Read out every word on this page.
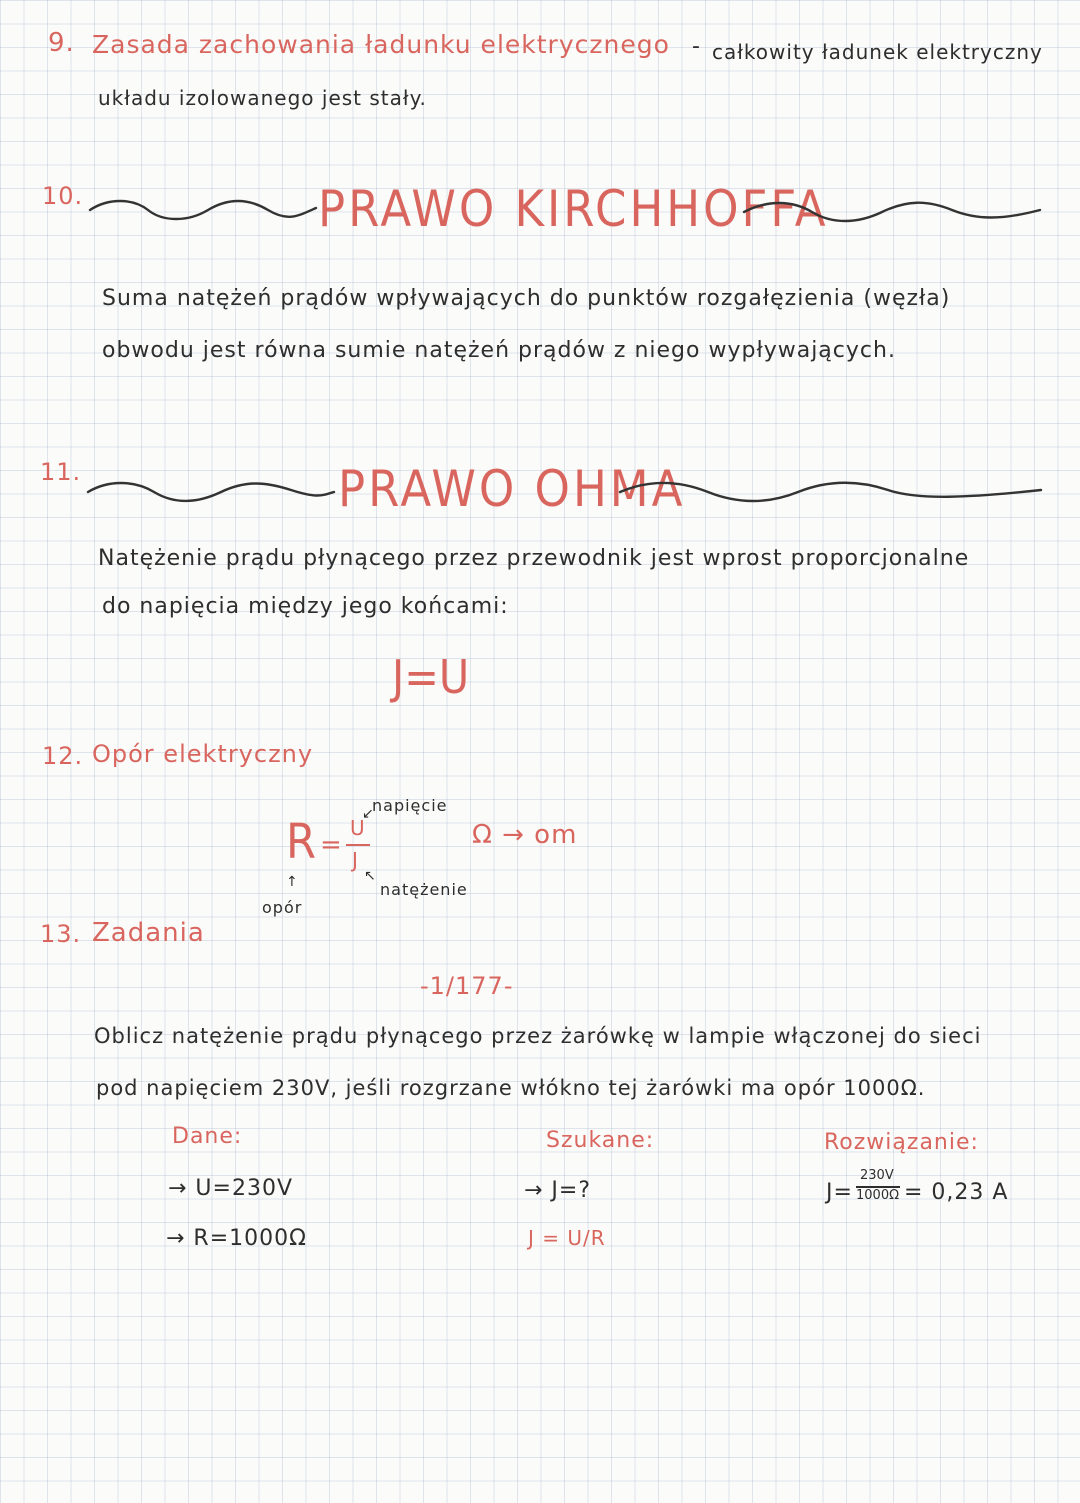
9. Zasada zachowania ładunku elektrycznego - całkowity ładunek elektryczny
układu izolowanego jest stały.
10.	PRAWO KIRCHHOFFA
Suma natężeń prądów wpływających do punktów rozgałęzienia (węzła)
obwodu jest równa sumie natężeń prądów z niego wypływających.
11.	PRAWO OHMA
Natężenie prądu płynącego przez przewodnik jest wprost proporcjonalne
do napięcia między jego końcami:
J=U
12. Opór elektryczny
R =
U
J
napięcie
↙
↖
natężenie
↑
opór
Ω → om
13. Zadania
-1/177-
Oblicz natężenie prądu płynącego przez żarówkę w lampie włączonej do sieci
pod napięciem 230V, jeśli rozgrzane włókno tej żarówki ma opór 1000Ω.
Dane:
→ U=230V
→ R=1000Ω
Szukane:
→ J=?
J = U/R
Rozwiązanie:
J=
230V
1000Ω = 0,23 A
